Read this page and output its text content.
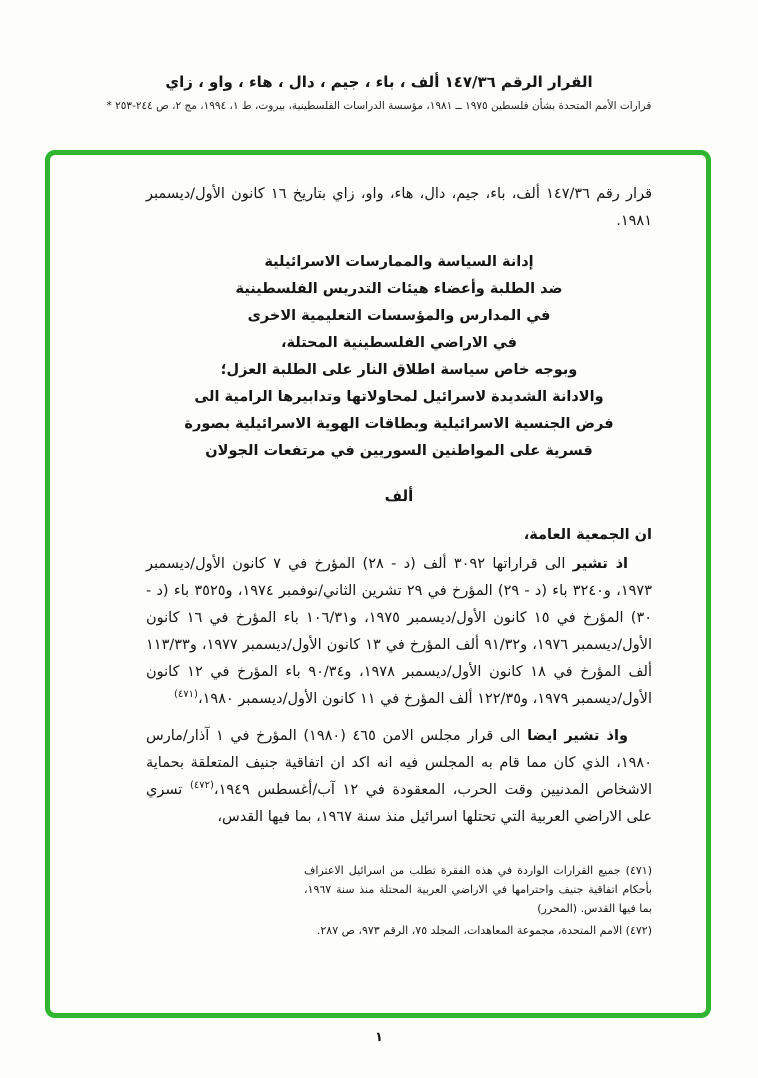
القرار الرقم ١٤٧/٣٦ ألف ، باء ، جيم ، دال ، هاء ، واو ، زاي
قرارات الأمم المتحدة بشأن فلسطين ١٩٧٥ ــ ١٩٨١، مؤسسة الدراسات الفلسطينية، بيروت، ط ١، ١٩٩٤، مج ٢، ص ٢٤٤-٢٥٣ *

قرار رقم ١٤٧/٣٦ ألف، باء، جيم، دال، هاء، واو، زاي بتاريخ ١٦ كانون الأول/ديسمبر ١٩٨١.

إدانة السياسة والممارسات الاسرائيلية
ضد الطلبة وأعضاء هيئات التدريس الفلسطينية
في المدارس والمؤسسات التعليمية الاخرى
في الاراضي الفلسطينية المحتلة،
وبوجه خاص سياسة اطلاق النار على الطلبة العزل؛
والادانة الشديدة لاسرائيل لمحاولاتها وتدابيرها الرامية الى
فرض الجنسية الاسرائيلية وبطاقات الهوية الاسرائيلية بصورة
قسرية على المواطنين السوريين في مرتفعات الجولان
ألف

ان الجمعية العامة،

اذ تشير الى قراراتها ٣٠٩٢ ألف (د - ٢٨) المؤرخ في ٧ كانون الأول/ديسمبر ١٩٧٣، و٣٢٤٠ باء (د - ٢٩) المؤرخ في ٢٩ تشرين الثاني/نوفمبر ١٩٧٤، و٣٥٢٥ باء (د - ٣٠) المؤرخ في ١٥ كانون الأول/ديسمبر ١٩٧٥، و١٠٦/٣١ باء المؤرخ في ١٦ كانون الأول/ديسمبر ١٩٧٦، و٩١/٣٢ ألف المؤرخ في ١٣ كانون الأول/ديسمبر ١٩٧٧، و١١٣/٣٣ ألف المؤرخ في ١٨ كانون الأول/ديسمبر ١٩٧٨، و٩٠/٣٤ باء المؤرخ في ١٢ كانون الأول/ديسمبر ١٩٧٩، و١٢٢/٣٥ ألف المؤرخ في ١١ كانون الأول/ديسمبر ١٩٨٠،$^{(٤٧١)}$

واذ تشير ايضا الى قرار مجلس الامن ٤٦٥ (١٩٨٠) المؤرخ في ١ آذار/مارس ١٩٨٠، الذي كان مما قام به المجلس فيه انه اكد ان اتفاقية جنيف المتعلقة بحماية الاشخاص المدنيين وقت الحرب، المعقودة في ١٢ آب/أغسطس ١٩٤٩،$^{(٤٧٢)}$ تسري على الاراضي العربية التي تحتلها اسرائيل منذ سنة ١٩٦٧، بما فيها القدس،

(٤٧١) جميع القرارات الواردة في هذه الفقرة تطلب من اسرائيل الاعتراف بأحكام اتفاقية جنيف واحترامها في الاراضي العربية المحتلة منذ سنة ١٩٦٧، بما فيها القدس. (المحرر)

(٤٧٢) الامم المتحدة، مجموعة المعاهدات، المجلد ٧٥، الرقم ٩٧٣، ص ٢٨٧.

١
